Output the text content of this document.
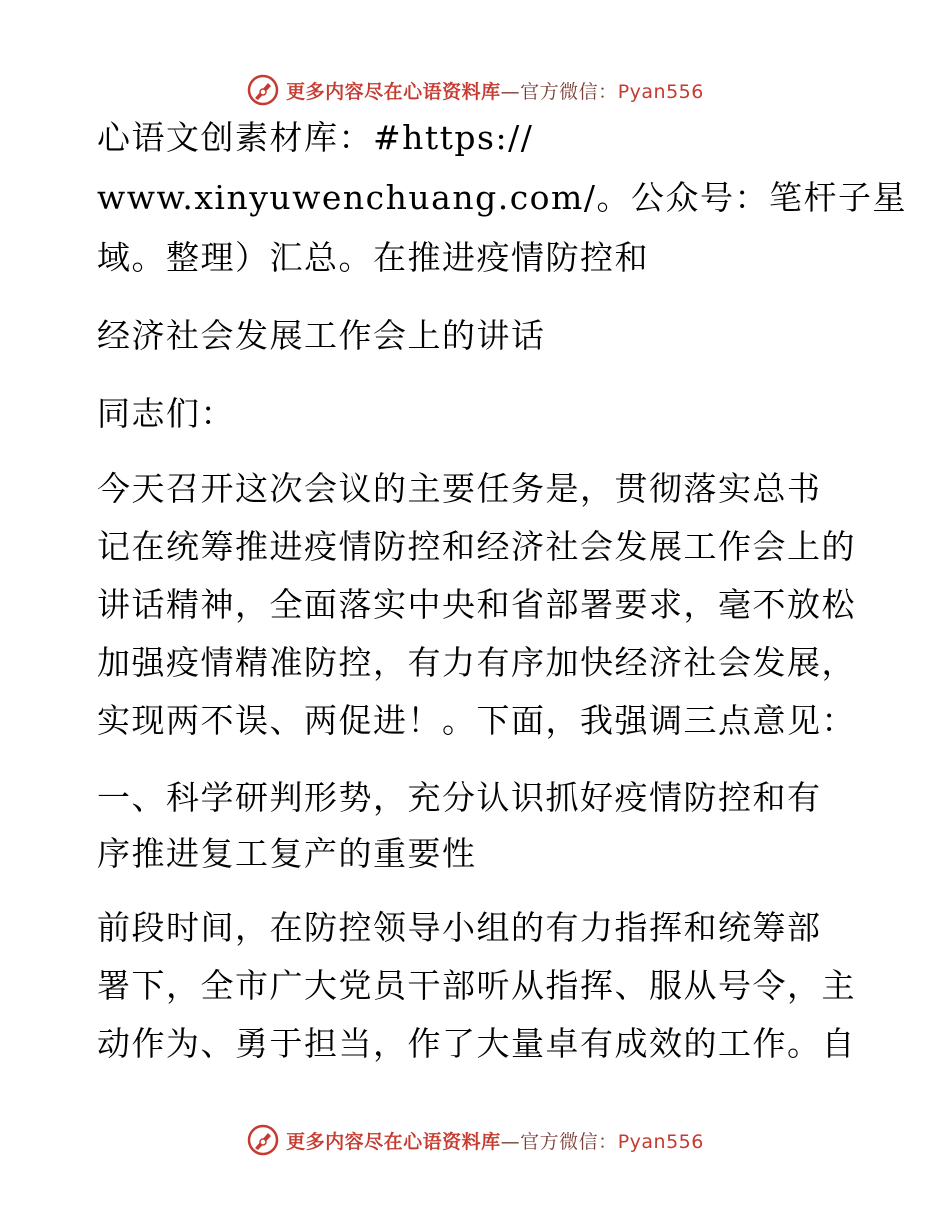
更多内容尽在心语资料库—官方微信：Pyan556
心语文创素材库：#https://
www.xinyuwenchuang.com/。公众号：笔杆子星
域。整理）汇总。在推进疫情防控和
经济社会发展工作会上的讲话
同志们：
今天召开这次会议的主要任务是，贯彻落实总书
记在统筹推进疫情防控和经济社会发展工作会上的
讲话精神，全面落实中央和省部署要求，毫不放松
加强疫情精准防控，有力有序加快经济社会发展，
实现两不误、两促进！。下面，我强调三点意见：
一、科学研判形势，充分认识抓好疫情防控和有
序推进复工复产的重要性
前段时间，在防控领导小组的有力指挥和统筹部
署下，全市广大党员干部听从指挥、服从号令，主
动作为、勇于担当，作了大量卓有成效的工作。自
更多内容尽在心语资料库—官方微信：Pyan556
